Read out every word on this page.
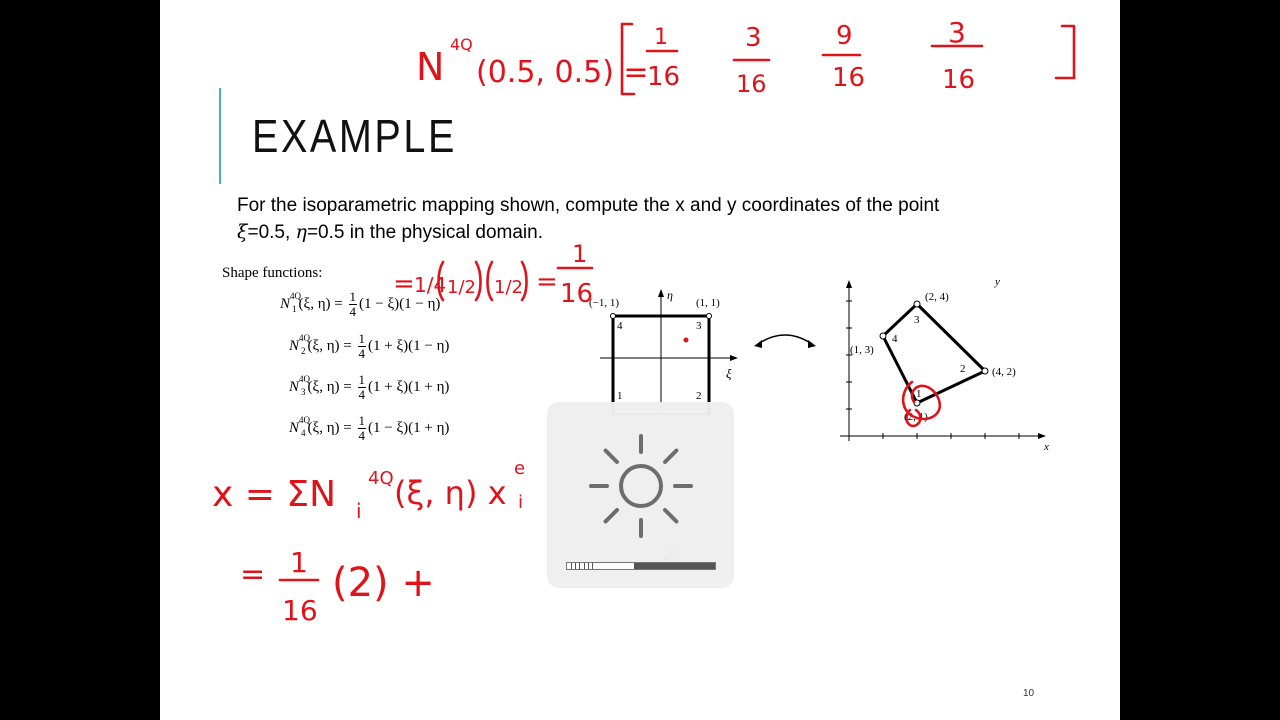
EXAMPLE
For the isoparametric mapping shown, compute the x and y coordinates of the point
ξ=0.5, η=0.5 in the physical domain.
Shape functions:
$N^{4Q}_1$ (ξ, $\eta) = \frac{1}{4} (1 - \xi)(1 - \eta)$
$N^{4Q}_2$ (ξ, $\eta) = \frac{1}{4} (1 + \xi)(1 - \eta)$
$N^{4Q}_3$ (ξ, $\eta) = \frac{1}{4} (1 + \xi)(1 + \eta)$
$N^{4Q}_4$ (ξ, $\eta) = \frac{1}{4} (1 - \xi)(1 + \eta)$
η
ξ
(−1, 1)	(1, 1)
4	3
1	2
y
x
1
2
3
4
(2, 1)
(4, 2)
(2, 4)
(1, 3)
N
4Q
(0.5, 0.5) =
1
16
3
16
9
16
3
16
= 1/4 1/2 1/2 =
1
16
x = ΣN 4Q
i (ξ, η) x
e
i
= 1
16
(2) +
10
